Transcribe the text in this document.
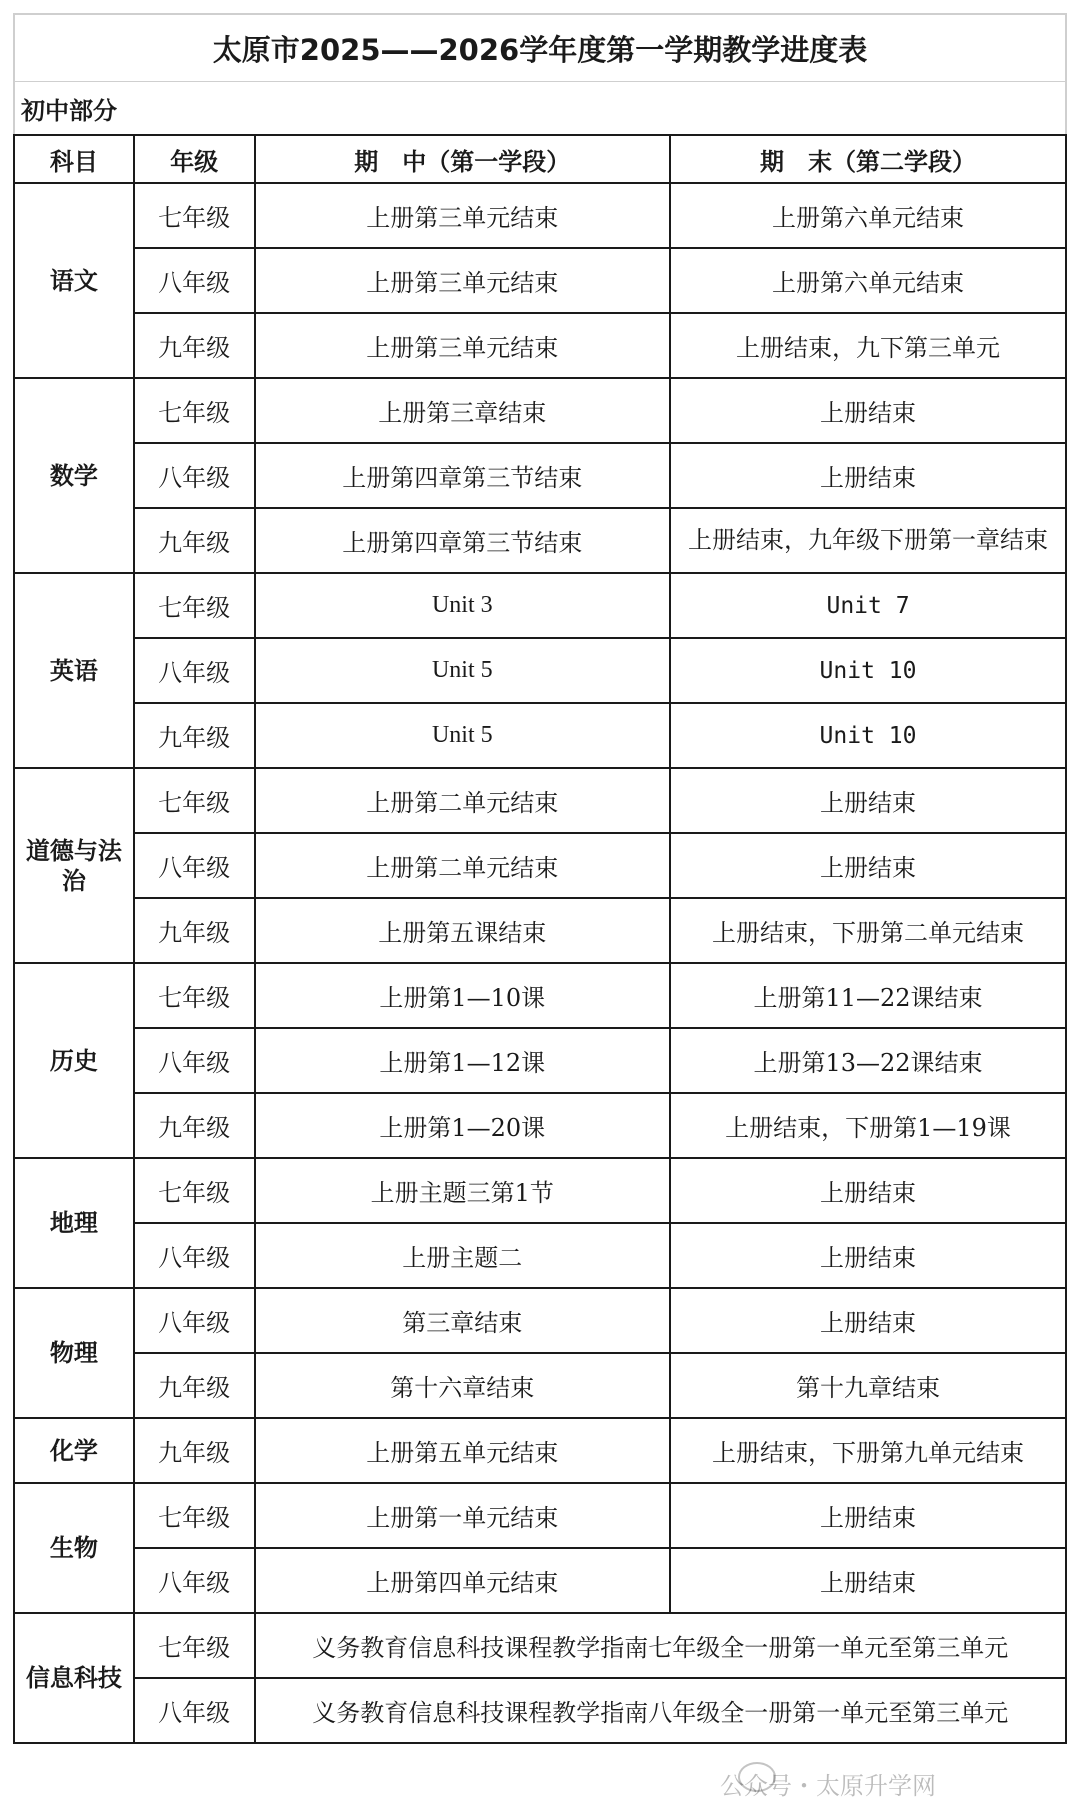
太原市2025——2026学年度第一学期教学进度表
初中部分
科目	年级	期　中（第一学段）	期　末（第二学段）
语文	七年级	上册第三单元结束	上册第六单元结束
	八年级	上册第三单元结束	上册第六单元结束
	九年级	上册第三单元结束	上册结束，九下第三单元
数学	七年级	上册第三章结束	上册结束
	八年级	上册第四章第三节结束	上册结束
	九年级	上册第四章第三节结束	上册结束，九年级下册第一章结束
英语	七年级	Unit 3	Unit 7
	八年级	Unit 5	Unit 10
	九年级	Unit 5	Unit 10
道德与法治	七年级	上册第二单元结束	上册结束
	八年级	上册第二单元结束	上册结束
	九年级	上册第五课结束	上册结束，下册第二单元结束
历史	七年级	上册第1—10课	上册第11—22课结束
	八年级	上册第1—12课	上册第13—22课结束
	九年级	上册第1—20课	上册结束，下册第1—19课
地理	七年级	上册主题三第1节	上册结束
	八年级	上册主题二	上册结束
物理	八年级	第三章结束	上册结束
	九年级	第十六章结束	第十九章结束
化学	九年级	上册第五单元结束	上册结束，下册第九单元结束
生物	七年级	上册第一单元结束	上册结束
	八年级	上册第四单元结束	上册结束
信息科技	七年级	义务教育信息科技课程教学指南七年级全一册第一单元至第三单元	
	八年级	义务教育信息科技课程教学指南八年级全一册第一单元至第三单元	
公众号・太原升学网
